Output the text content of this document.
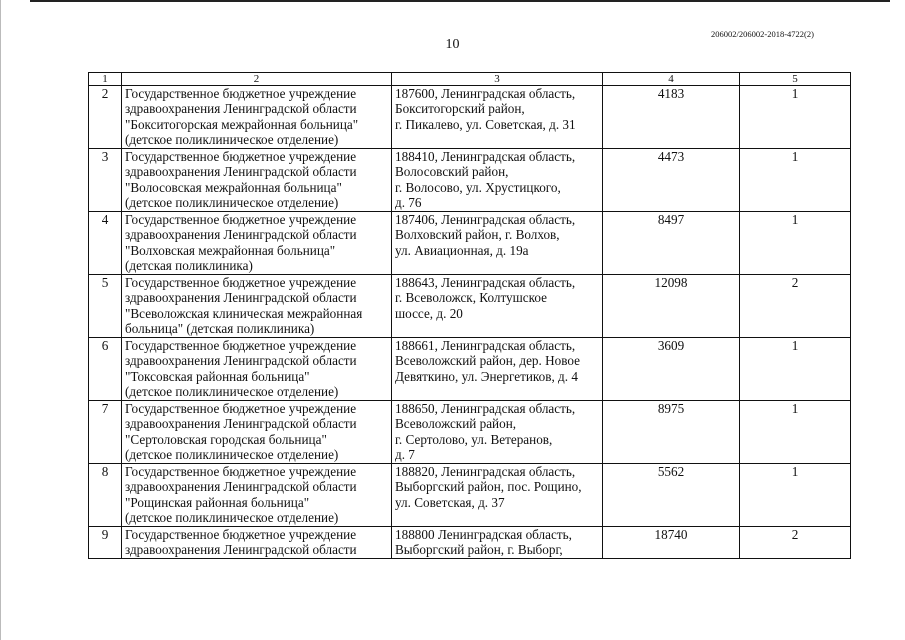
206002/206002-2018-4722(2)
10
1	2	3	4	5
2	Государственное бюджетное учреждение
здравоохранения Ленинградской области
"Бокситогорская межрайонная больница"
(детское поликлиническое отделение)	187600, Ленинградская область,
Бокситогорский район,
г. Пикалево, ул. Советская, д. 31	4183	1
3	Государственное бюджетное учреждение
здравоохранения Ленинградской области
"Волосовская межрайонная больница"
(детское поликлиническое отделение)	188410, Ленинградская область,
Волосовский район,
г. Волосово, ул. Хрустицкого,
д. 76	4473	1
4	Государственное бюджетное учреждение
здравоохранения Ленинградской области
"Волховская межрайонная больница"
(детская поликлиника)	187406, Ленинградская область,
Волховский район, г. Волхов,
ул. Авиационная, д. 19а	8497	1
5	Государственное бюджетное учреждение
здравоохранения Ленинградской области
"Всеволожская клиническая межрайонная
больница" (детская поликлиника)	188643, Ленинградская область,
г. Всеволожск, Колтушское
шоссе, д. 20	12098	2
6	Государственное бюджетное учреждение
здравоохранения Ленинградской области
"Токсовская районная больница"
(детское поликлиническое отделение)	188661, Ленинградская область,
Всеволожский район, дер. Новое
Девяткино, ул. Энергетиков, д. 4	3609	1
7	Государственное бюджетное учреждение
здравоохранения Ленинградской области
"Сертоловская городская больница"
(детское поликлиническое отделение)	188650, Ленинградская область,
Всеволожский район,
г. Сертолово, ул. Ветеранов,
д. 7	8975	1
8	Государственное бюджетное учреждение
здравоохранения Ленинградской области
"Рощинская районная больница"
(детское поликлиническое отделение)	188820, Ленинградская область,
Выборгский район, пос. Рощино,
ул. Советская, д. 37	5562	1
9	Государственное бюджетное учреждение
здравоохранения Ленинградской области	188800 Ленинградская область,
Выборгский район, г. Выборг,	18740	2
